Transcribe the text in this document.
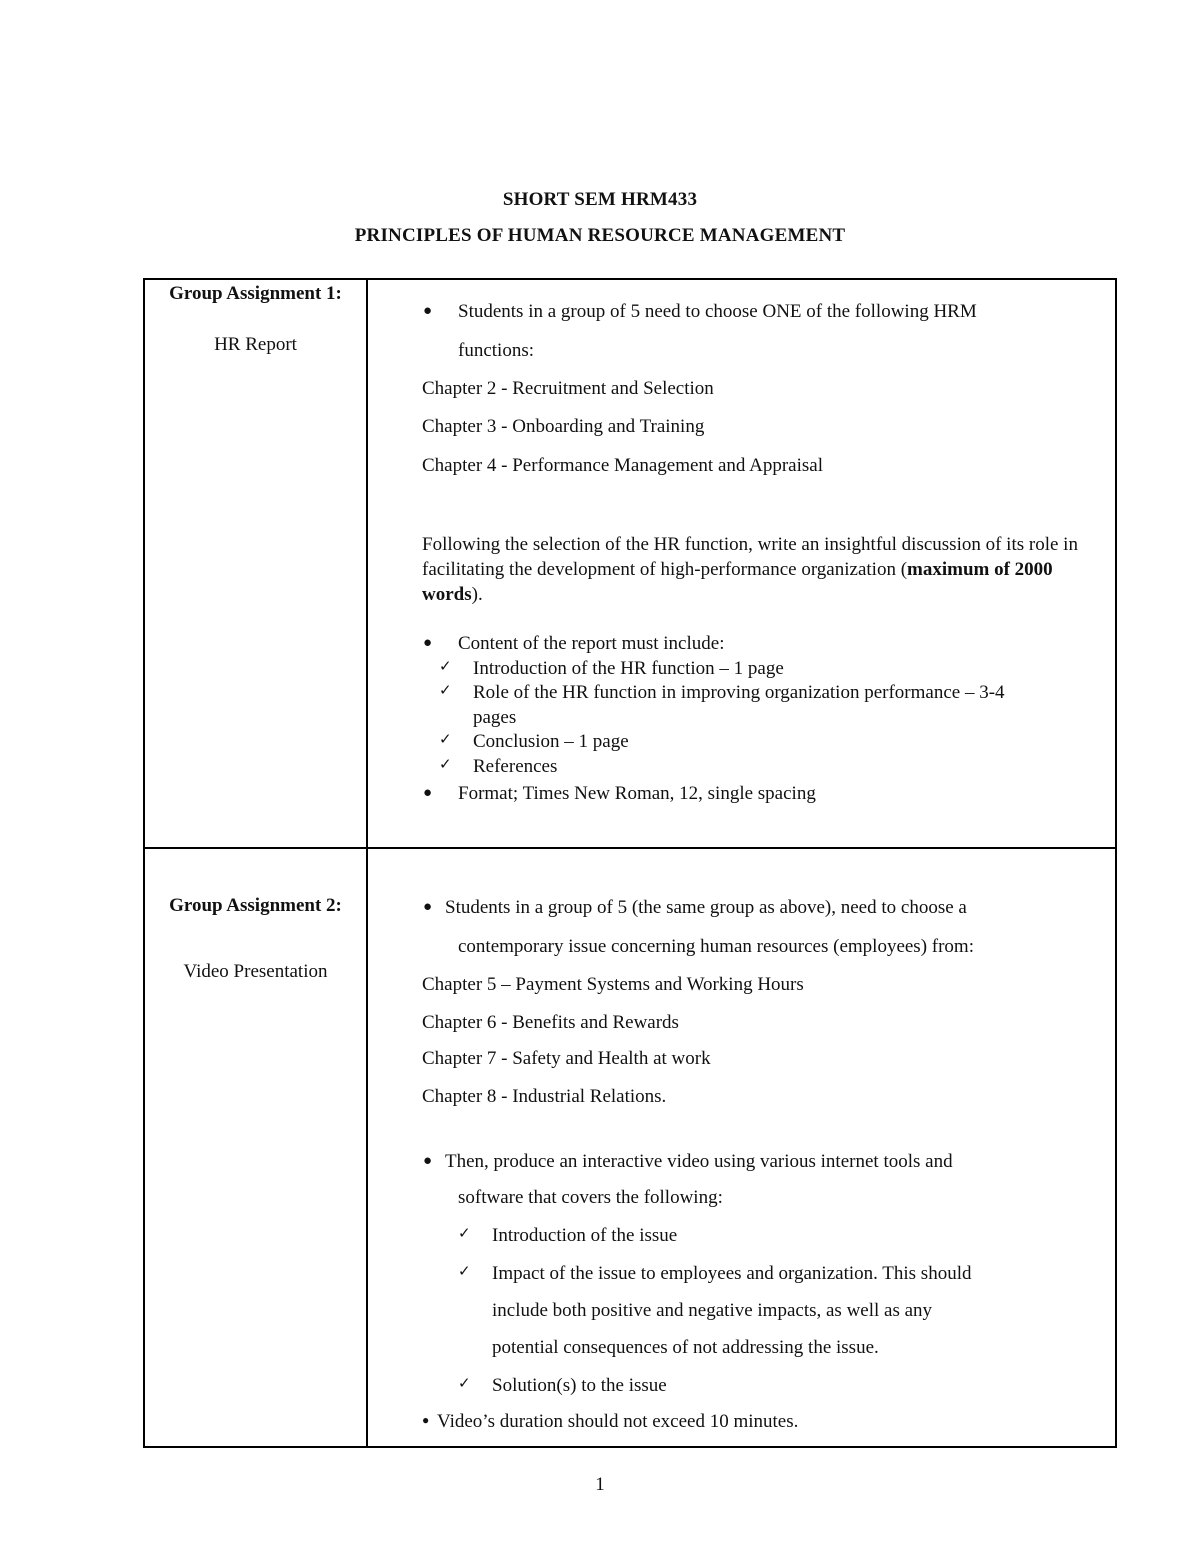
SHORT SEM HRM433
PRINCIPLES OF HUMAN RESOURCE MANAGEMENT
Group Assignment 1:
HR Report
● Students in a group of 5 need to choose ONE of the following HRM
functions:
Chapter 2 - Recruitment and Selection
Chapter 3 - Onboarding and Training
Chapter 4 - Performance Management and Appraisal
Following the selection of the HR function, write an insightful discussion of its role in facilitating the development of high-performance organization (maximum of 2000 words).
● Content of the report must include:
✓ Introduction of the HR function – 1 page
✓ Role of the HR function in improving organization performance – 3-4
pages
✓ Conclusion – 1 page
✓ References
● Format; Times New Roman, 12, single spacing
Group Assignment 2:
Video Presentation
● Students in a group of 5 (the same group as above), need to choose a
contemporary issue concerning human resources (employees) from:
Chapter 5 – Payment Systems and Working Hours
Chapter 6 - Benefits and Rewards
Chapter 7 - Safety and Health at work
Chapter 8 - Industrial Relations.
● Then, produce an interactive video using various internet tools and
software that covers the following:
✓ Introduction of the issue
✓ Impact of the issue to employees and organization. This should
include both positive and negative impacts, as well as any
potential consequences of not addressing the issue.
✓ Solution(s) to the issue
● Video’s duration should not exceed 10 minutes.
1
